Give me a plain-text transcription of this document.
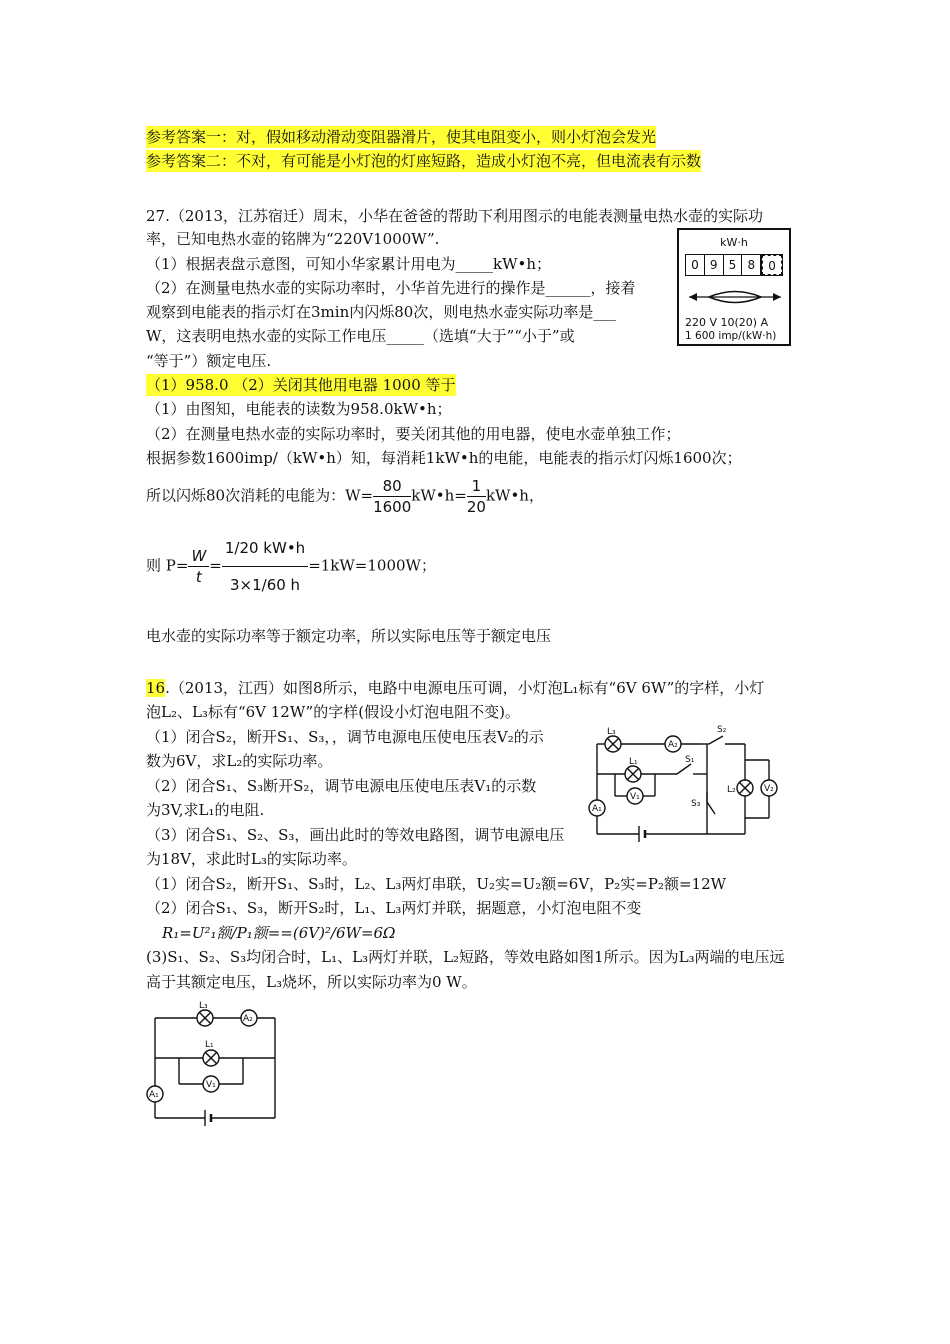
参考答案一：对，假如移动滑动变阻器滑片，使其电阻变小，则小灯泡会发光
参考答案二：不对，有可能是小灯泡的灯座短路，造成小灯泡不亮，但电流表有示数
27.（2013，江苏宿迁）周末，小华在爸爸的帮助下利用图示的电能表测量电热水壶的实际功
率，已知电热水壶的铭牌为“220V1000W”.
（1）根据表盘示意图，可知小华家累计用电为_____kW•h；
（2）在测量电热水壶的实际功率时，小华首先进行的操作是______，接着
观察到电能表的指示灯在3min内闪烁80次，则电热水壶实际功率是___
W，这表明电热水壶的实际工作电压_____（选填“大于”“小于”或
“等于”）额定电压.
kW·h
0 9 5 8	0
220 V 10(20) A
1 600 imp/(kW·h)
（1）958.0 （2）关闭其他用电器 1000 等于
（1）由图知，电能表的读数为958.0kW•h；
（2）在测量电热水壶的实际功率时，要关闭其他的用电器，使电水壶单独工作；
根据参数1600imp/（kW•h）知，每消耗1kW•h的电能，电能表的指示灯闪烁1600次；
所以闪烁80次消耗的电能为：$W= \frac{80}{1600}$ kW•h= $\frac{1}{20}$ kW•h，
则 $P= \frac{W}{t} = \frac{1/20 kW•h}{3\times 1/60 h} =1kW=1000W$；
电水壶的实际功率等于额定功率，所以实际电压等于额定电压
16.（2013，江西）如图8所示，电路中电源电压可调，小灯泡L₁标有“6V 6W”的字样，小灯
泡L₂、L₃标有“6V 12W”的字样(假设小灯泡电阻不变)。
（1）闭合S₂，断开S₁、S₃，，调节电源电压使电压表V₂的示
数为6V，求L₂的实际功率。
（2）闭合S₁、S₃断开S₂，调节电源电压使电压表V₁的示数
为3V,求L₁的电阻.
（3）闭合S₁、S₂、S₃，画出此时的等效电路图，调节电源电压
为18V，求此时L₃的实际功率。
L₃
A₂
S₂
L₁	S₁
V₁
A₁	S₃
L₂	V₂
（1）闭合S₂，断开S₁、S₃时，L₂、L₃两灯串联，U₂实=U₂额=6V，P₂实=P₂额=12W
（2）闭合S₁、S₃，断开S₂时，L₁、L₃两灯并联，据题意，小灯泡电阻不变
R₁=U²₁额/P₁额==(6V)²/6W=6Ω
(3)S₁、S₂、S₃均闭合时，L₁、L₃两灯并联，L₂短路，等效电路如图1所示。因为L₃两端的电压远
高于其额定电压，L₃烧坏，所以实际功率为0 W。
L₃
A₂
L₁
V₁
A₁
